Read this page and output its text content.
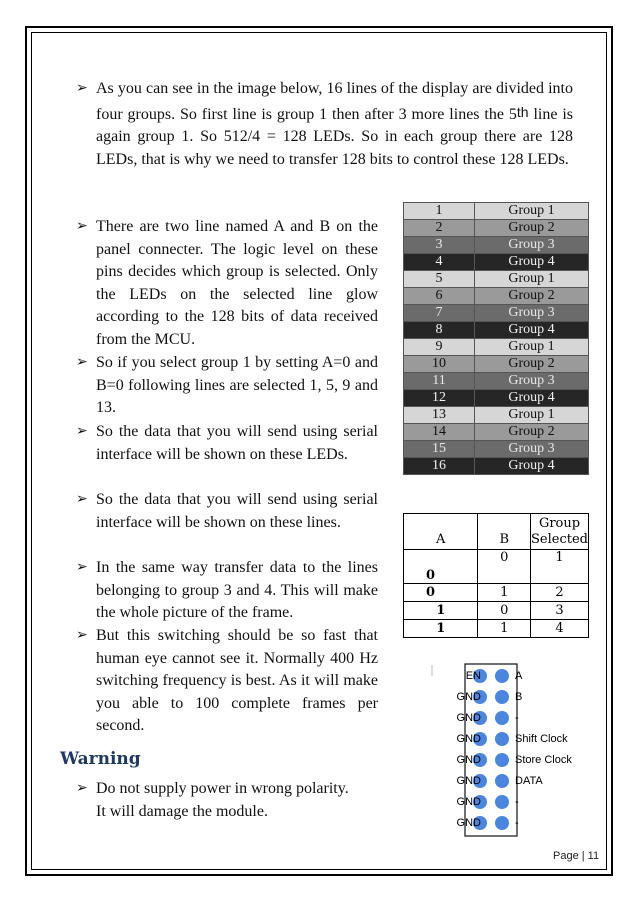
➢ As you can see in the image below, 16 lines of the display are divided into four groups. So first line is group 1 then after 3 more lines the 5th line is again group 1. So 512/4 = 128 LEDs. So in each group there are 128 LEDs, that is why we need to transfer 128 bits to control these 128 LEDs.
➢ There are two line named A and B on the panel connecter. The logic level on these pins decides which group is selected. Only the LEDs on the selected line glow according to the 128 bits of data received from the MCU.
➢ So if you select group 1 by setting A=0 and B=0 following lines are selected 1, 5, 9 and 13.
➢ So the data that you will send using serial interface will be shown on these LEDs.
➢ So the data that you will send using serial interface will be shown on these lines.
➢ In the same way transfer data to the lines belonging to group 3 and 4. This will make the whole picture of the frame.
➢ But this switching should be so fast that human eye cannot see it. Normally 400 Hz switching frequency is best. As it will make you able to 100 complete frames per second.
Warning
➢ Do not supply power in wrong polarity.
It will damage the module.
1	Group 1
2	Group 2
3	Group 3
4	Group 4
5	Group 1
6	Group 2
7	Group 3
8	Group 4
9	Group 1
10	Group 2
11	Group 3
12	Group 4
13	Group 1
14	Group 2
15	Group 3
16	Group 4
A	B	Group
Selected

0	0	1
0	1	2
1	0	3
1	1	4
EN
GND
GND
GND
GND
GND
GND
GND
A
B
-
Shift Clock
Store Clock
DATA
-
-
Page | 11
